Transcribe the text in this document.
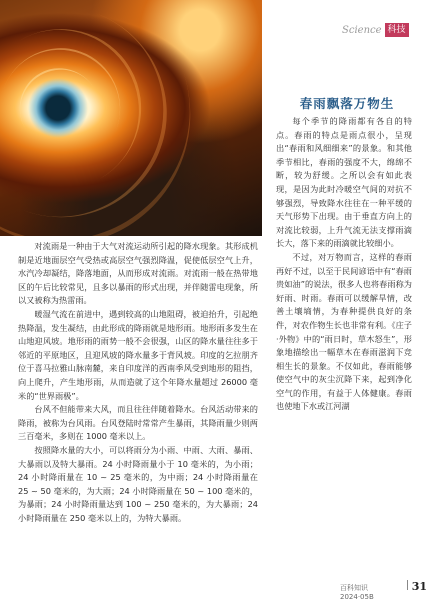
Science 科技
春雨飘落万物生

对流雨是一种由于大气对流运动所引起的降水现象。其形成机制是近地面层空气受热或高层空气强烈降温，促使低层空气上升，水汽冷却凝结，降落地面，从而形成对流雨。对流雨一般在热带地区的午后比较常见，且多以暴雨的形式出现，并伴随雷电现象，所以又被称为热雷雨。

暖湿气流在前进中，遇到较高的山地阻碍，被迫抬升，引起绝热降温，发生凝结，由此形成的降雨就是地形雨。地形雨多发生在山地迎风坡。地形雨的雨势一般不会很强，山区的降水量往往多于邻近的平原地区，且迎风坡的降水量多于背风坡。印度的乞拉朋齐位于喜马拉雅山脉南麓，来自印度洋的西南季风受到地形的阻挡，向上爬升，产生地形雨，从而造就了这个年降水量超过 26000 毫米的“世界雨极”。

台风不但能带来大风，而且往往伴随着降水。台风活动带来的降雨，被称为台风雨。台风登陆时常常产生暴雨，其降雨量少则两三百毫米，多则在 1000 毫米以上。

按照降水量的大小，可以将雨分为小雨、中雨、大雨、暴雨、大暴雨以及特大暴雨。24 小时降雨量小于 10 毫米的，为小雨；24 小时降雨量在 10 ~ 25 毫米的，为中雨；24 小时降雨量在 25 ~ 50 毫米的，为大雨；24 小时降雨量在 50 ~ 100 毫米的，为暴雨；24 小时降雨量达到 100 ~ 250 毫米的，为大暴雨；24 小时降雨量在 250 毫米以上的，为特大暴雨。

每个季节的降雨都有各自的特点。春雨的特点是雨点很小，呈现出“春雨和风细细来”的景象。和其他季节相比，春雨的强度不大，绵绵不断，较为舒缓。之所以会有如此表现，是因为此时冷暖空气间的对抗不够强烈，导致降水往往在一种平缓的天气形势下出现。由于垂直方向上的对流比较弱，上升气流无法支撑雨滴长大，落下来的雨滴就比较细小。

不过，对万物而言，这样的春雨再好不过，以至于民间谚语中有“春雨贵如油”的说法，很多人也将春雨称为好雨、时雨。春雨可以缓解旱情，改善土壤墒情，为春种提供良好的条件，对农作物生长也非常有利。《庄子·外物》中的“雨日时，草木怒生”，形象地描绘出一幅草木在春雨滋润下竞相生长的景象。不仅如此，春雨能够使空气中的灰尘沉降下来，起到净化空气的作用，有益于人体健康。春雨也使地下水或江河湖

百科知识 2024·05B
31
